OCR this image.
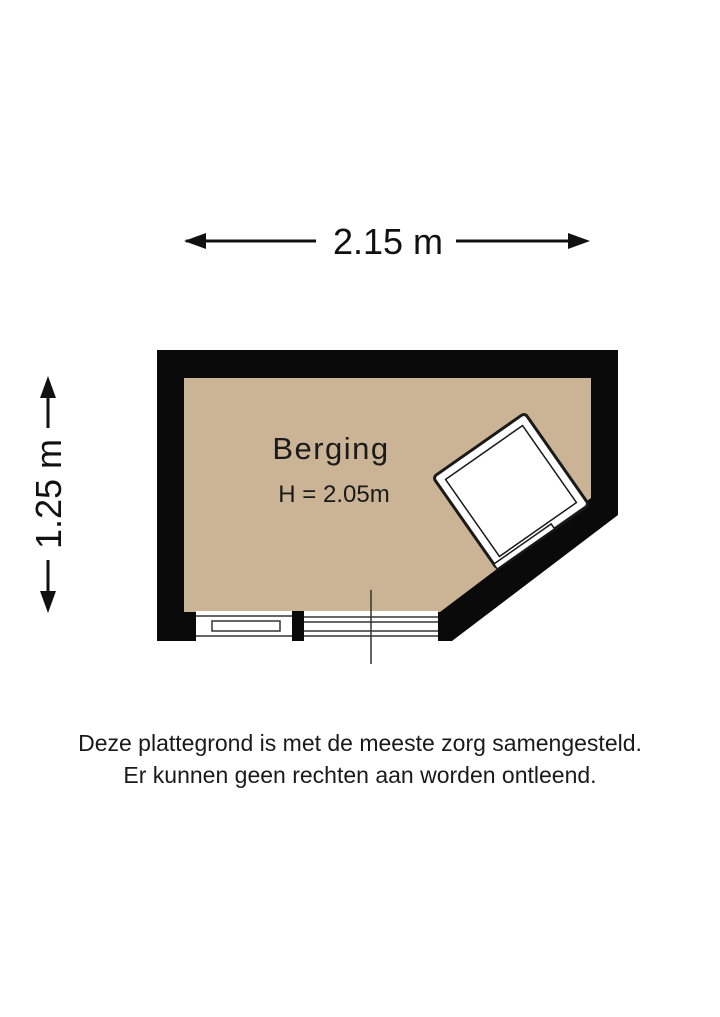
2.15 m
1.25 m	Berging
H = 2.05m
Deze plattegrond is met de meeste zorg samengesteld.
Er kunnen geen rechten aan worden ontleend.
